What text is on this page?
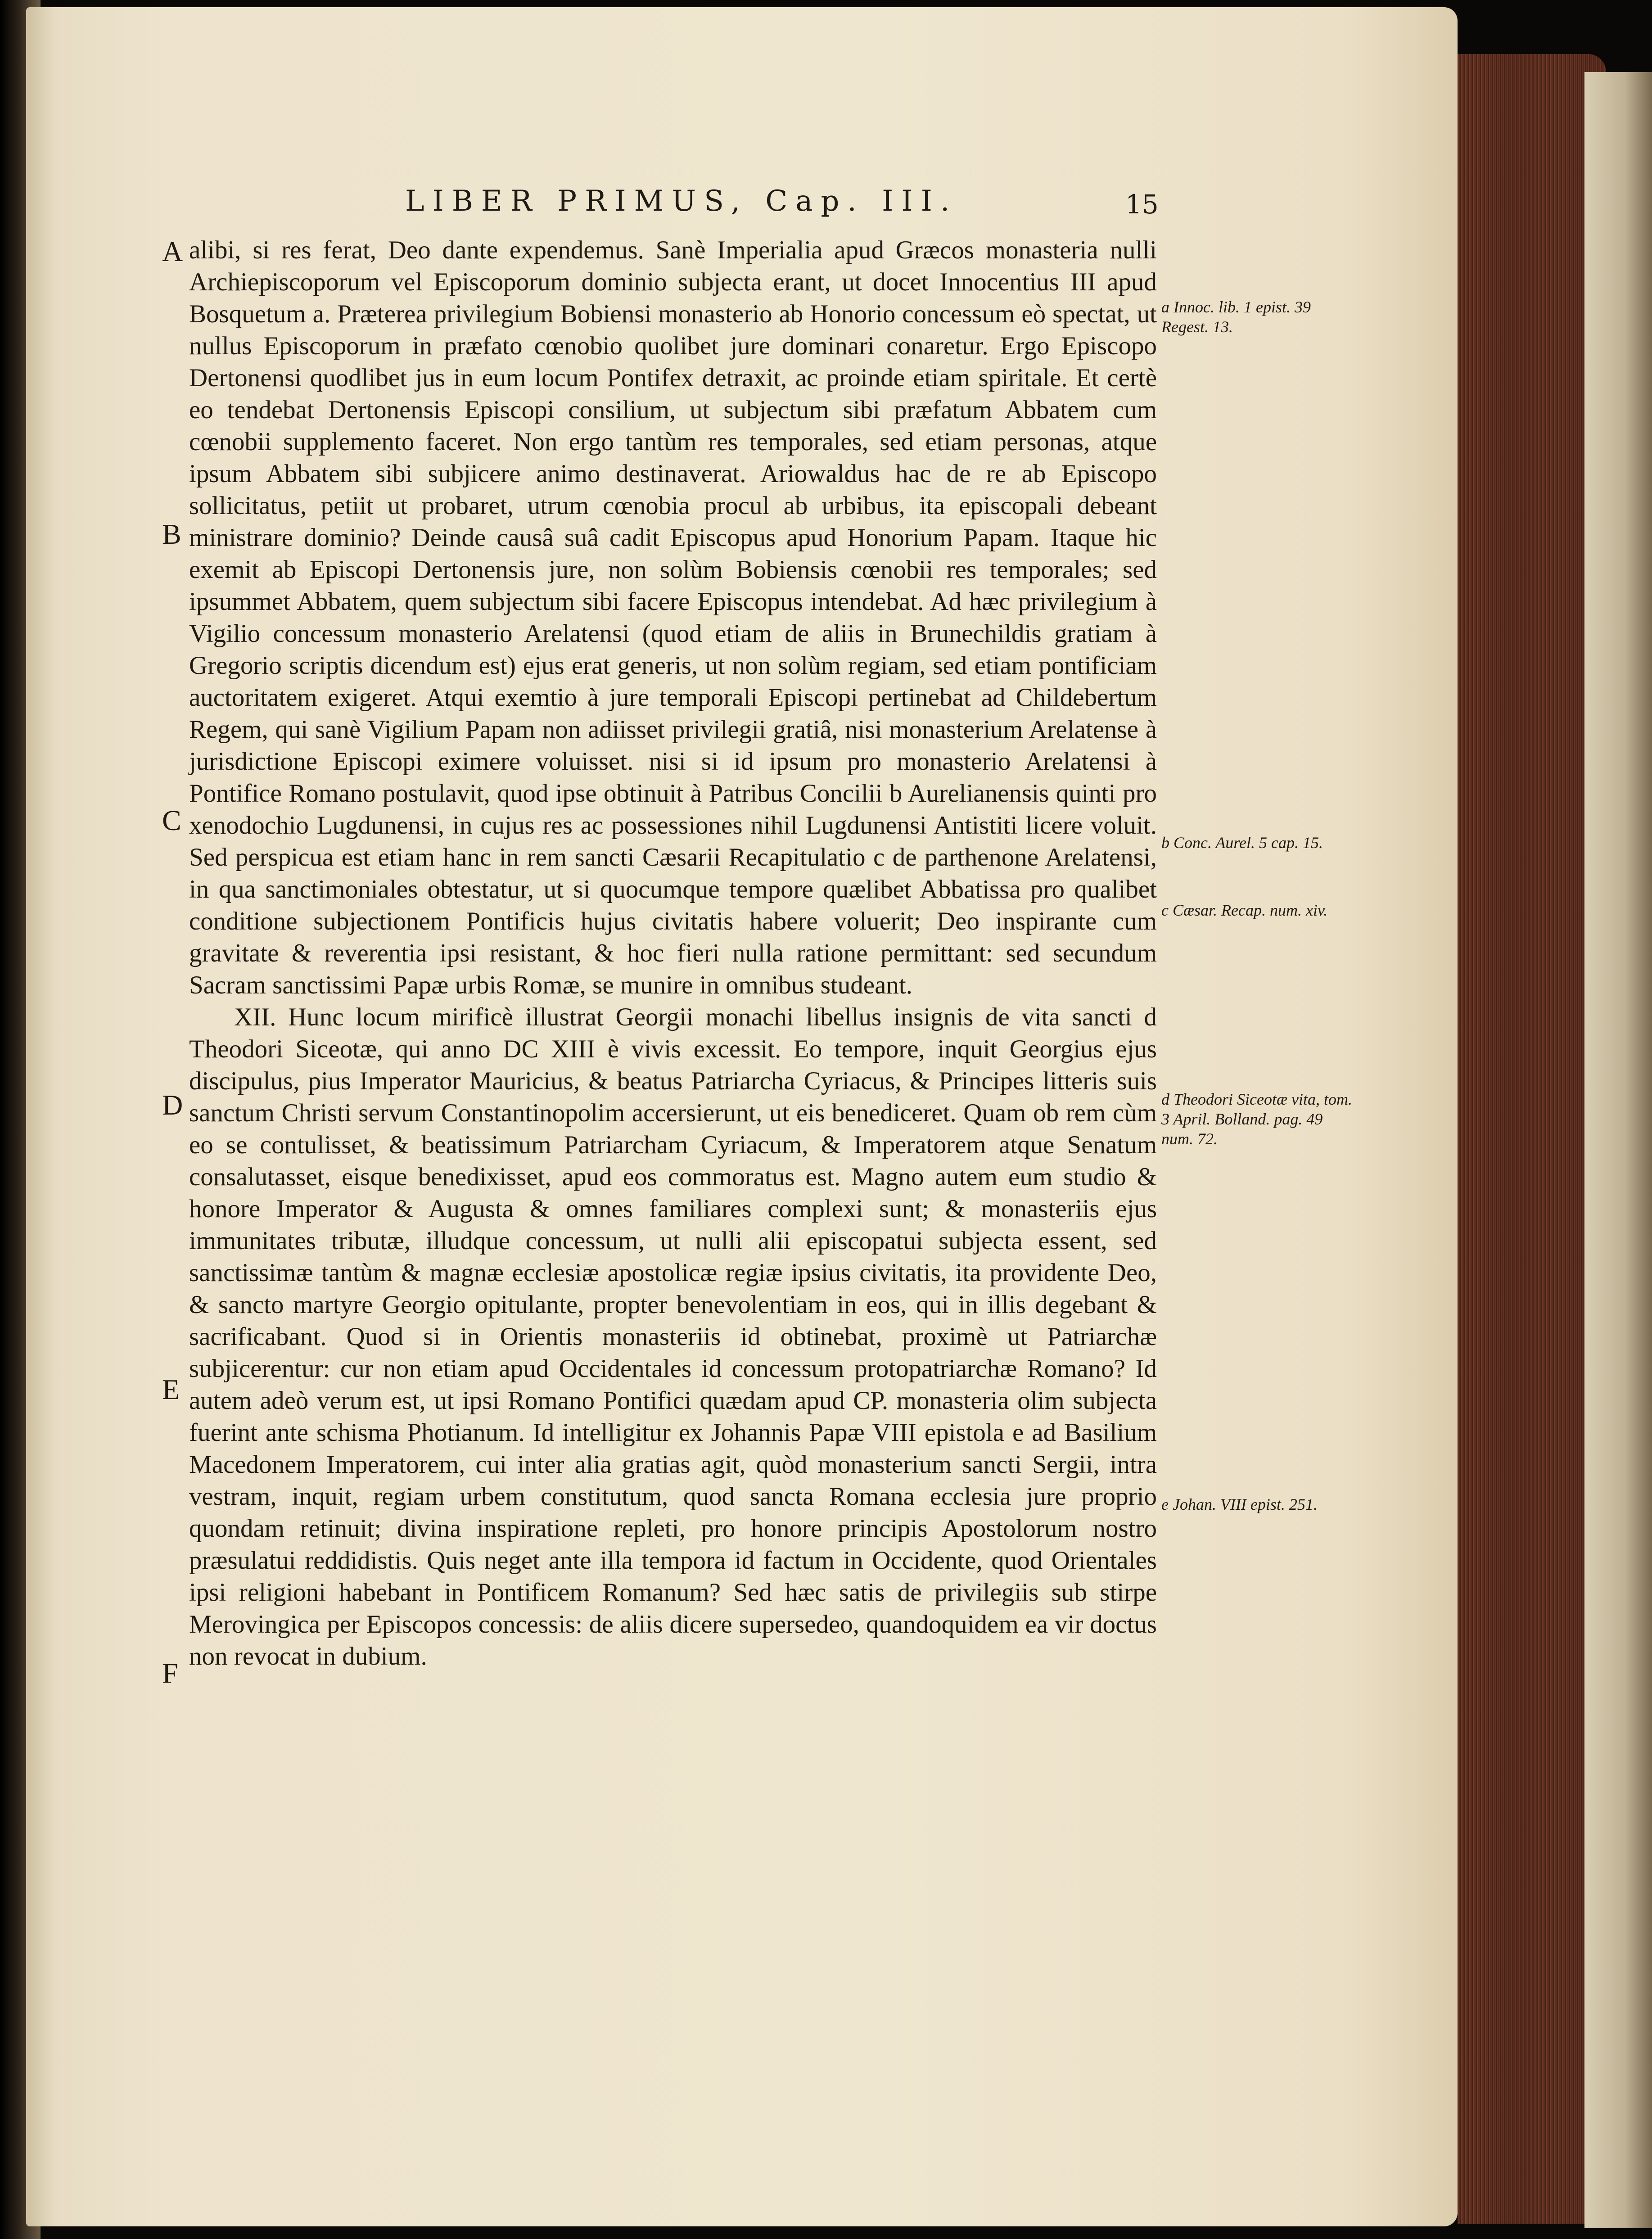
LIBER PRIMUS, Cap. III.	15
A
B
C
D
E
F

alibi, si res ferat, Deo dante expendemus. Sanè Imperialia apud Græcos monasteria nulli Archiepiscoporum vel Episcoporum dominio subjecta erant, ut docet Innocentius III apud Bosquetum a. Præterea privilegium Bobiensi monasterio ab Honorio concessum eò spectat, ut nullus Episcoporum in præfato cœnobio quolibet jure dominari conaretur. Ergo Episcopo Dertonensi quodlibet jus in eum locum Pontifex detraxit, ac proinde etiam spiritale. Et certè eo tendebat Dertonensis Episcopi consilium, ut subjectum sibi præfatum Abbatem cum cœnobii supplemento faceret. Non ergo tantùm res temporales, sed etiam personas, atque ipsum Abbatem sibi subjicere animo destinaverat. Ariowaldus hac de re ab Episcopo sollicitatus, petiit ut probaret, utrum cœnobia procul ab urbibus, ita episcopali debeant ministrare dominio? Deinde causâ suâ cadit Episcopus apud Honorium Papam. Itaque hic exemit ab Episcopi Dertonensis jure, non solùm Bobiensis cœnobii res temporales; sed ipsummet Abbatem, quem subjectum sibi facere Episcopus intendebat. Ad hæc privilegium à Vigilio concessum monasterio Arelatensi (quod etiam de aliis in Brunechildis gratiam à Gregorio scriptis dicendum est) ejus erat generis, ut non solùm regiam, sed etiam pontificiam auctoritatem exigeret. Atqui exemtio à jure temporali Episcopi pertinebat ad Childebertum Regem, qui sanè Vigilium Papam non adiisset privilegii gratiâ, nisi monasterium Arelatense à jurisdictione Episcopi eximere voluisset. nisi si id ipsum pro monasterio Arelatensi à Pontifice Romano postulavit, quod ipse obtinuit à Patribus Concilii b Aurelianensis quinti pro xenodochio Lugdunensi, in cujus res ac possessiones nihil Lugdunensi Antistiti licere voluit. Sed perspicua est etiam hanc in rem sancti Cæsarii Recapitulatio c de parthenone Arelatensi, in qua sanctimoniales obtestatur, ut si quocumque tempore quælibet Abbatissa pro qualibet conditione subjectionem Pontificis hujus civitatis habere voluerit; Deo inspirante cum gravitate & reverentia ipsi resistant, & hoc fieri nulla ratione permittant: sed secundum Sacram sanctissimi Papæ urbis Romæ, se munire in omnibus studeant.

XII. Hunc locum mirificè illustrat Georgii monachi libellus insignis de vita sancti d Theodori Siceotæ, qui anno DC XIII è vivis excessit. Eo tempore, inquit Georgius ejus discipulus, pius Imperator Mauricius, & beatus Patriarcha Cyriacus, & Principes litteris suis sanctum Christi servum Constantinopolim accersierunt, ut eis benediceret. Quam ob rem cùm eo se contulisset, & beatissimum Patriarcham Cyriacum, & Imperatorem atque Senatum consalutasset, eisque benedixisset, apud eos commoratus est. Magno autem eum studio & honore Imperator & Augusta & omnes familiares complexi sunt; & monasteriis ejus immunitates tributæ, illudque concessum, ut nulli alii episcopatui subjecta essent, sed sanctissimæ tantùm & magnæ ecclesiæ apostolicæ regiæ ipsius civitatis, ita providente Deo, & sancto martyre Georgio opitulante, propter benevolentiam in eos, qui in illis degebant & sacrificabant. Quod si in Orientis monasteriis id obtinebat, proximè ut Patriarchæ subjicerentur: cur non etiam apud Occidentales id concessum protopatriarchæ Romano? Id autem adeò verum est, ut ipsi Romano Pontifici quædam apud CP. monasteria olim subjecta fuerint ante schisma Photianum. Id intelligitur ex Johannis Papæ VIII epistola e ad Basilium Macedonem Imperatorem, cui inter alia gratias agit, quòd monasterium sancti Sergii, intra vestram, inquit, regiam urbem constitutum, quod sancta Romana ecclesia jure proprio quondam retinuit; divina inspiratione repleti, pro honore principis Apostolorum nostro præsulatui reddidistis. Quis neget ante illa tempora id factum in Occidente, quod Orientales ipsi religioni habebant in Pontificem Romanum? Sed hæc satis de privilegiis sub stirpe Merovingica per Episcopos concessis: de aliis dicere supersedeo, quandoquidem ea vir doctus non revocat in dubium.

a Innoc. lib. 1 epist. 39 Regest. 13.
b Conc. Aurel. 5 cap. 15.
c Cæsar. Recap. num. xiv.
d Theodori Siceotæ vita, tom. 3 April. Bolland. pag. 49 num. 72.
e Johan. VIII epist. 251.
